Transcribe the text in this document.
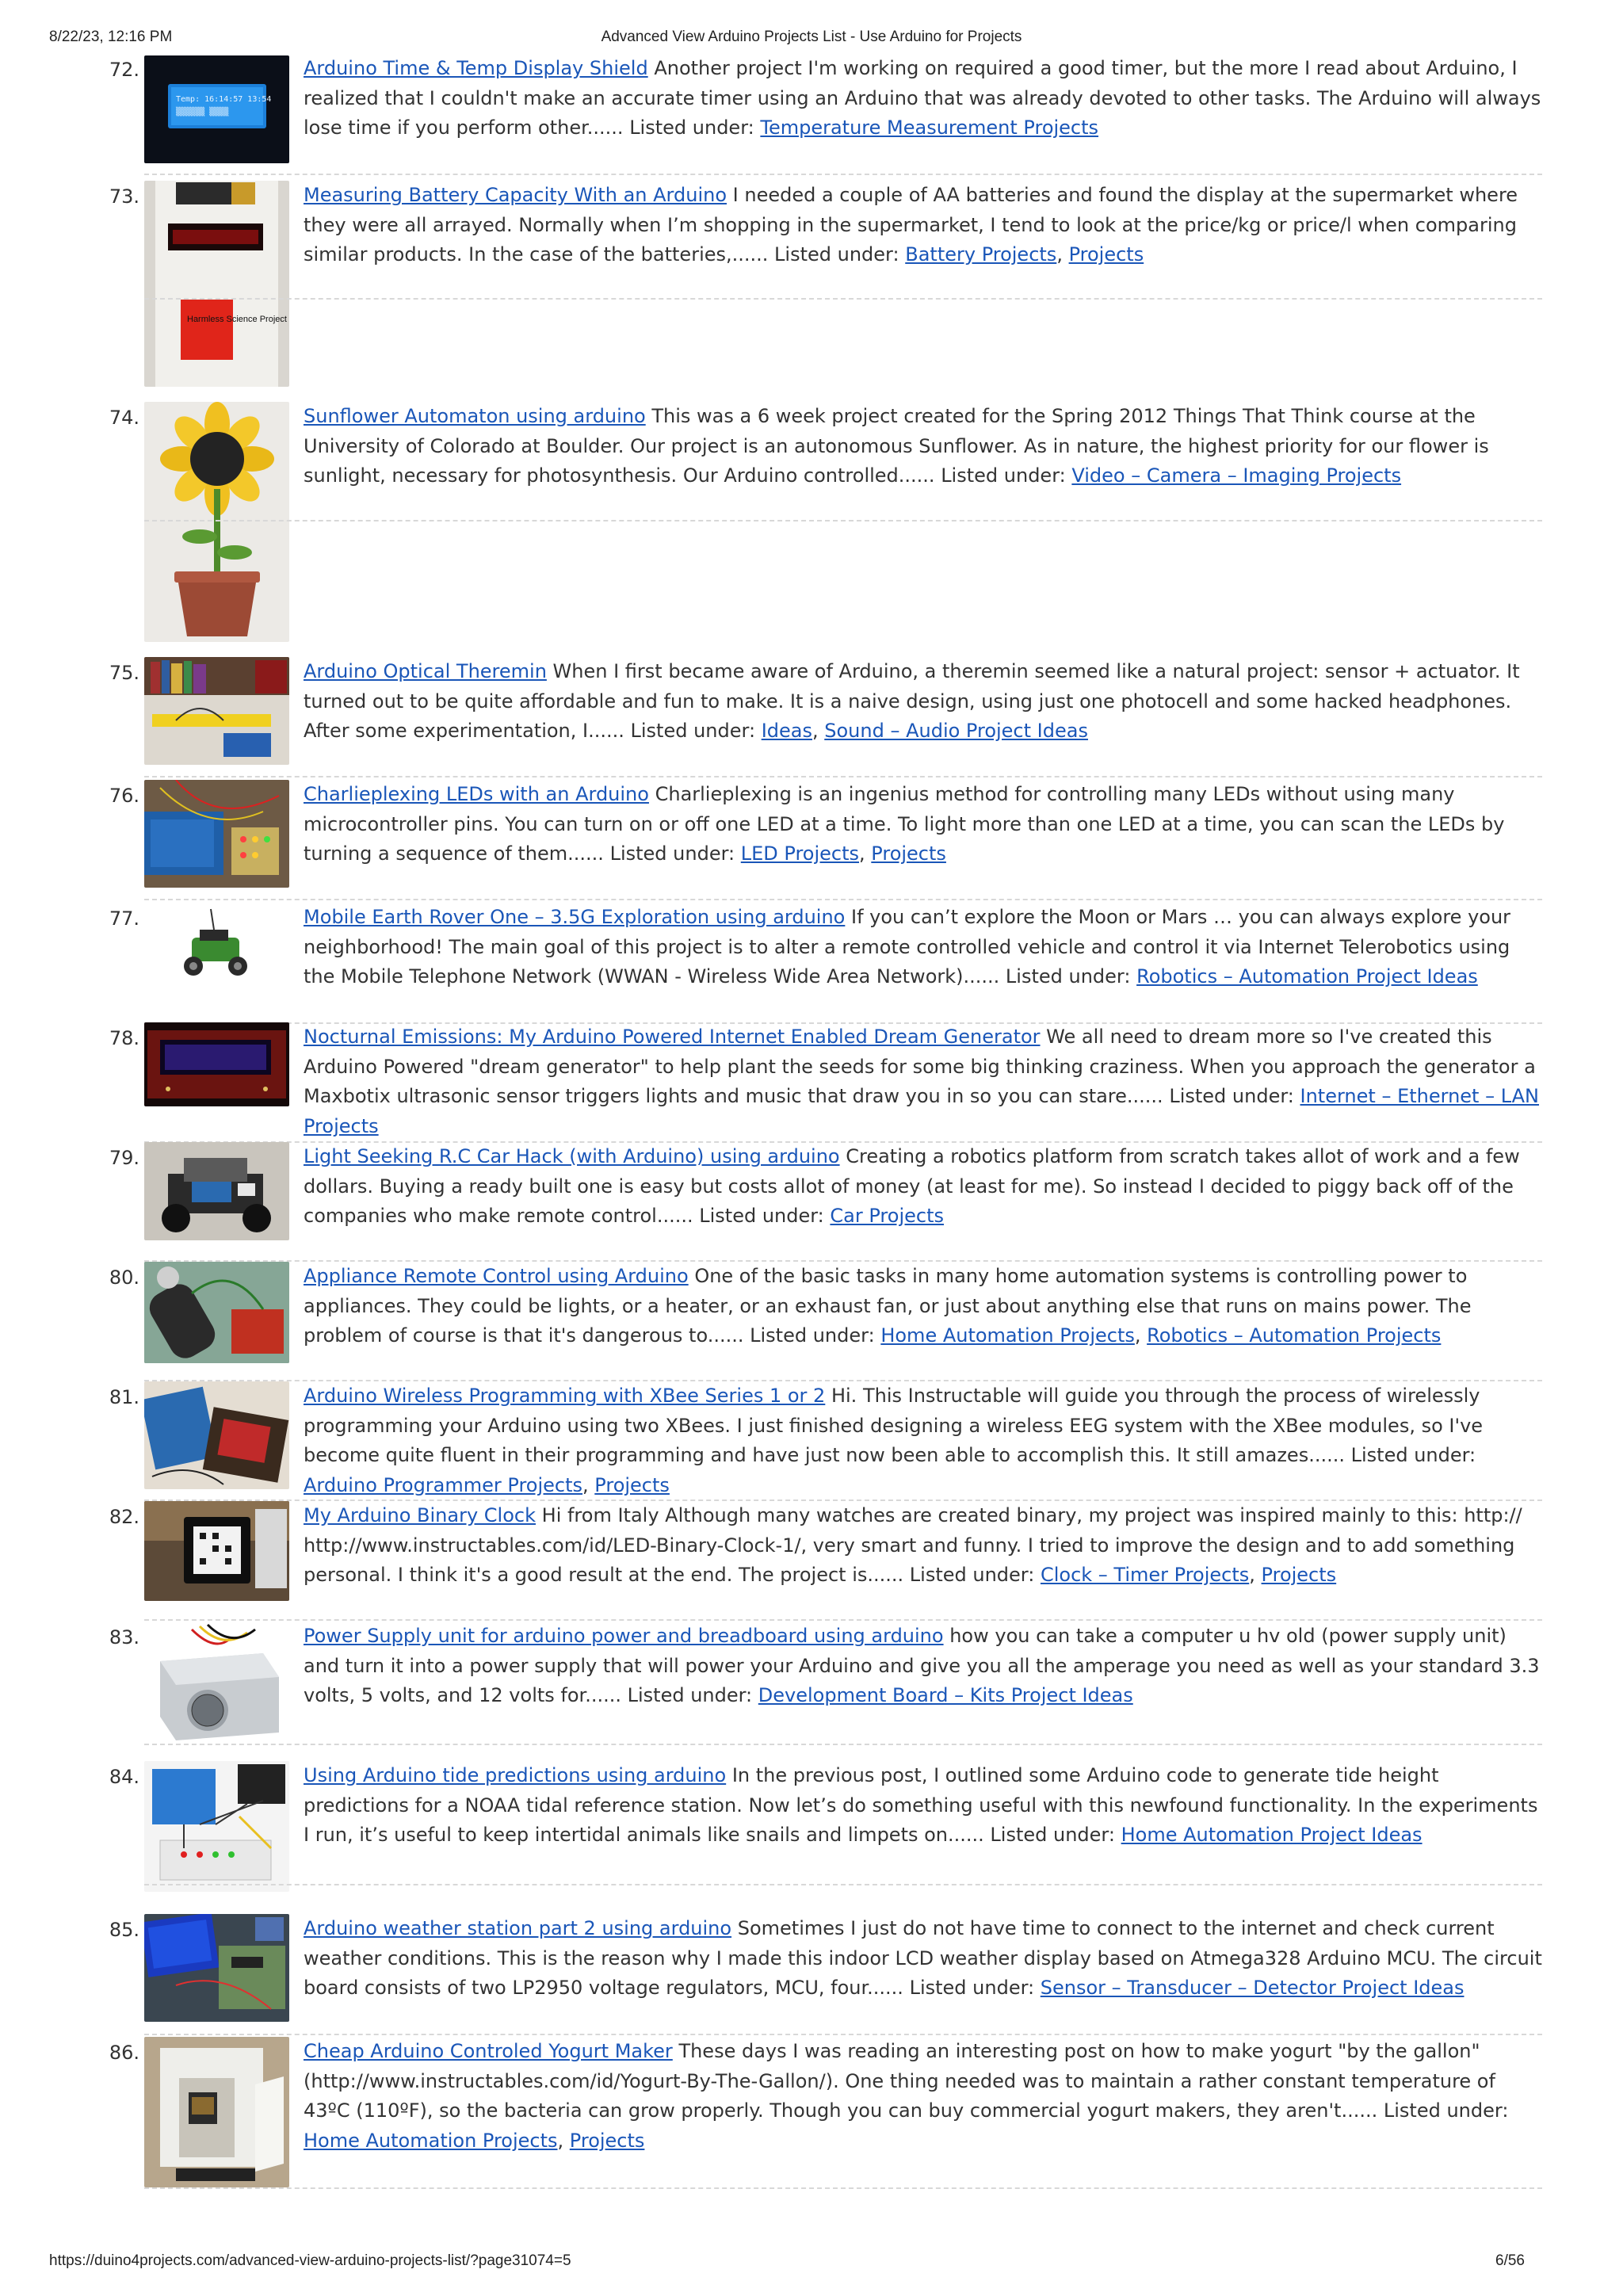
8/22/23, 12:16 PM	Advanced View Arduino Projects List - Use Arduino for Projects
72.
Temp: 16:14:57 13:54
▒▒▒▒▒▒ ▒▒▒▒
Arduino Time & Temp Display Shield Another project I'm working on required a good timer, but the more I read about Arduino, I realized that I couldn't make an accurate timer using an Arduino that was already devoted to other tasks. The Arduino will always lose time if you perform other...... Listed under: Temperature Measurement Projects
73.
Harmless Science Project
Measuring Battery Capacity With an Arduino I needed a couple of AA batteries and found the display at the supermarket where they were all arrayed. Normally when I’m shopping in the supermarket, I tend to look at the price/kg or price/l when comparing similar products. In the case of the batteries,...... Listed under: Battery Projects, Projects
74.	Sunflower Automaton using arduino This was a 6 week project created for the Spring 2012 Things That Think course at the University of Colorado at Boulder. Our project is an autonomous Sunflower. As in nature, the highest priority for our flower is sunlight, necessary for photosynthesis. Our Arduino controlled...... Listed under: Video – Camera – Imaging Projects
75.	Arduino Optical Theremin When I first became aware of Arduino, a theremin seemed like a natural project: sensor + actuator. It turned out to be quite affordable and fun to make. It is a naive design, using just one photocell and some hacked headphones. After some experimentation, I...... Listed under: Ideas, Sound – Audio Project Ideas
76.	Charlieplexing LEDs with an Arduino Charlieplexing is an ingenius method for controlling many LEDs without using many microcontroller pins. You can turn on or off one LED at a time. To light more than one LED at a time, you can scan the LEDs by turning a sequence of them...... Listed under: LED Projects, Projects
77.	Mobile Earth Rover One – 3.5G Exploration using arduino If you can’t explore the Moon or Mars … you can always explore your neighborhood! The main goal of this project is to alter a remote controlled vehicle and control it via Internet Telerobotics using the Mobile Telephone Network (WWAN - Wireless Wide Area Network)...... Listed under: Robotics – Automation Project Ideas
78.	Nocturnal Emissions: My Arduino Powered Internet Enabled Dream Generator We all need to dream more so I've created this Arduino Powered "dream generator" to help plant the seeds for some big thinking craziness. When you approach the generator a Maxbotix ultrasonic sensor triggers lights and music that draw you in so you can stare...... Listed under: Internet – Ethernet – LAN Projects
79.	Light Seeking R.C Car Hack (with Arduino) using arduino Creating a robotics platform from scratch takes allot of work and a few dollars. Buying a ready built one is easy but costs allot of money (at least for me). So instead I decided to piggy back off of the companies who make remote control...... Listed under: Car Projects
80.	Appliance Remote Control using Arduino One of the basic tasks in many home automation systems is controlling power to appliances. They could be lights, or a heater, or an exhaust fan, or just about anything else that runs on mains power. The problem of course is that it's dangerous to...... Listed under: Home Automation Projects, Robotics – Automation Projects
81.	Arduino Wireless Programming with XBee Series 1 or 2 Hi. This Instructable will guide you through the process of wirelessly programming your Arduino using two XBees. I just finished designing a wireless EEG system with the XBee modules, so I've become quite fluent in their programming and have just now been able to accomplish this. It still amazes...... Listed under: Arduino Programmer Projects, Projects
82.	My Arduino Binary Clock Hi from Italy Although many watches are created binary, my project was inspired mainly to this: http:// http://www.instructables.com/id/LED-Binary-Clock-1/, very smart and funny. I tried to improve the design and to add something personal. I think it's a good result at the end. The project is...... Listed under: Clock – Timer Projects, Projects
83.	Power Supply unit for arduino power and breadboard using arduino how you can take a computer u hv old (power supply unit) and turn it into a power supply that will power your Arduino and give you all the amperage you need as well as your standard 3.3 volts, 5 volts, and 12 volts for...... Listed under: Development Board – Kits Project Ideas
84.	Using Arduino tide predictions using arduino In the previous post, I outlined some Arduino code to generate tide height predictions for a NOAA tidal reference station. Now let’s do something useful with this newfound functionality. In the experiments I run, it’s useful to keep intertidal animals like snails and limpets on...... Listed under: Home Automation Project Ideas
85.	Arduino weather station part 2 using arduino Sometimes I just do not have time to connect to the internet and check current weather conditions. This is the reason why I made this indoor LCD weather display based on Atmega328 Arduino MCU. The circuit board consists of two LP2950 voltage regulators, MCU, four...... Listed under: Sensor – Transducer – Detector Project Ideas
86.	Cheap Arduino Controled Yogurt Maker These days I was reading an interesting post on how to make yogurt "by the gallon" (http://www.instructables.com/id/Yogurt-By-The-Gallon/). One thing needed was to maintain a rather constant temperature of 43ºC (110ºF), so the bacteria can grow properly. Though you can buy commercial yogurt makers, they aren't...... Listed under: Home Automation Projects, Projects
https://duino4projects.com/advanced-view-arduino-projects-list/?page31074=5	6/56
